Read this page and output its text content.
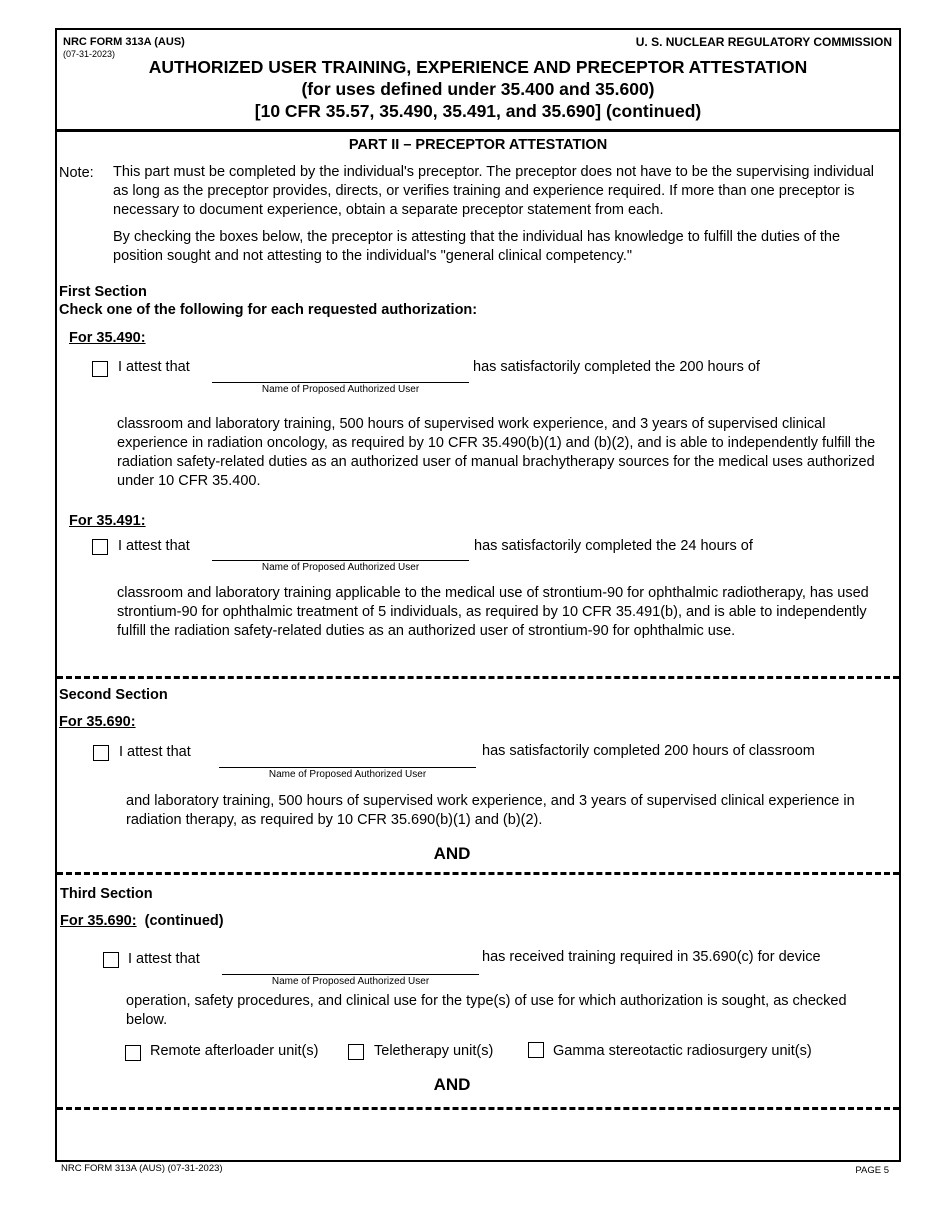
NRC FORM 313A (AUS)
(07-31-2023)
U. S. NUCLEAR REGULATORY COMMISSION
AUTHORIZED USER TRAINING, EXPERIENCE AND PRECEPTOR ATTESTATION
(for uses defined under 35.400 and 35.600)
[10 CFR 35.57, 35.490, 35.491, and 35.690] (continued)
PART II – PRECEPTOR ATTESTATION
Note: This part must be completed by the individual's preceptor. The preceptor does not have to be the supervising individual as long as the preceptor provides, directs, or verifies training and experience required. If more than one preceptor is necessary to document experience, obtain a separate preceptor statement from each.
By checking the boxes below, the preceptor is attesting that the individual has knowledge to fulfill the duties of the position sought and not attesting to the individual's "general clinical competency."
First Section
Check one of the following for each requested authorization:
For 35.490:
I attest that
Name of Proposed Authorized User
has satisfactorily completed the 200 hours of
classroom and laboratory training, 500 hours of supervised work experience, and 3 years of supervised clinical experience in radiation oncology, as required by 10 CFR 35.490(b)(1) and (b)(2), and is able to independently fulfill the radiation safety-related duties as an authorized user of manual brachytherapy sources for the medical uses authorized under 10 CFR 35.400.
For 35.491:
I attest that
Name of Proposed Authorized User
has satisfactorily completed the 24 hours of
classroom and laboratory training applicable to the medical use of strontium-90 for ophthalmic radiotherapy, has used strontium-90 for ophthalmic treatment of 5 individuals, as required by 10 CFR 35.491(b), and is able to independently fulfill the radiation safety-related duties as an authorized user of strontium-90 for ophthalmic use.
Second Section
For 35.690:
I attest that
Name of Proposed Authorized User
has satisfactorily completed 200 hours of classroom
and laboratory training, 500 hours of supervised work experience, and 3 years of supervised clinical experience in radiation therapy, as required by 10 CFR 35.690(b)(1) and (b)(2).
AND
Third Section
For 35.690: (continued)
I attest that
Name of Proposed Authorized User
has received training required in 35.690(c) for device
operation, safety procedures, and clinical use for the type(s) of use for which authorization is sought, as checked below.
Remote afterloader unit(s)	Teletherapy unit(s)	Gamma stereotactic radiosurgery unit(s)
AND
NRC FORM 313A (AUS) (07-31-2023)	PAGE 5
